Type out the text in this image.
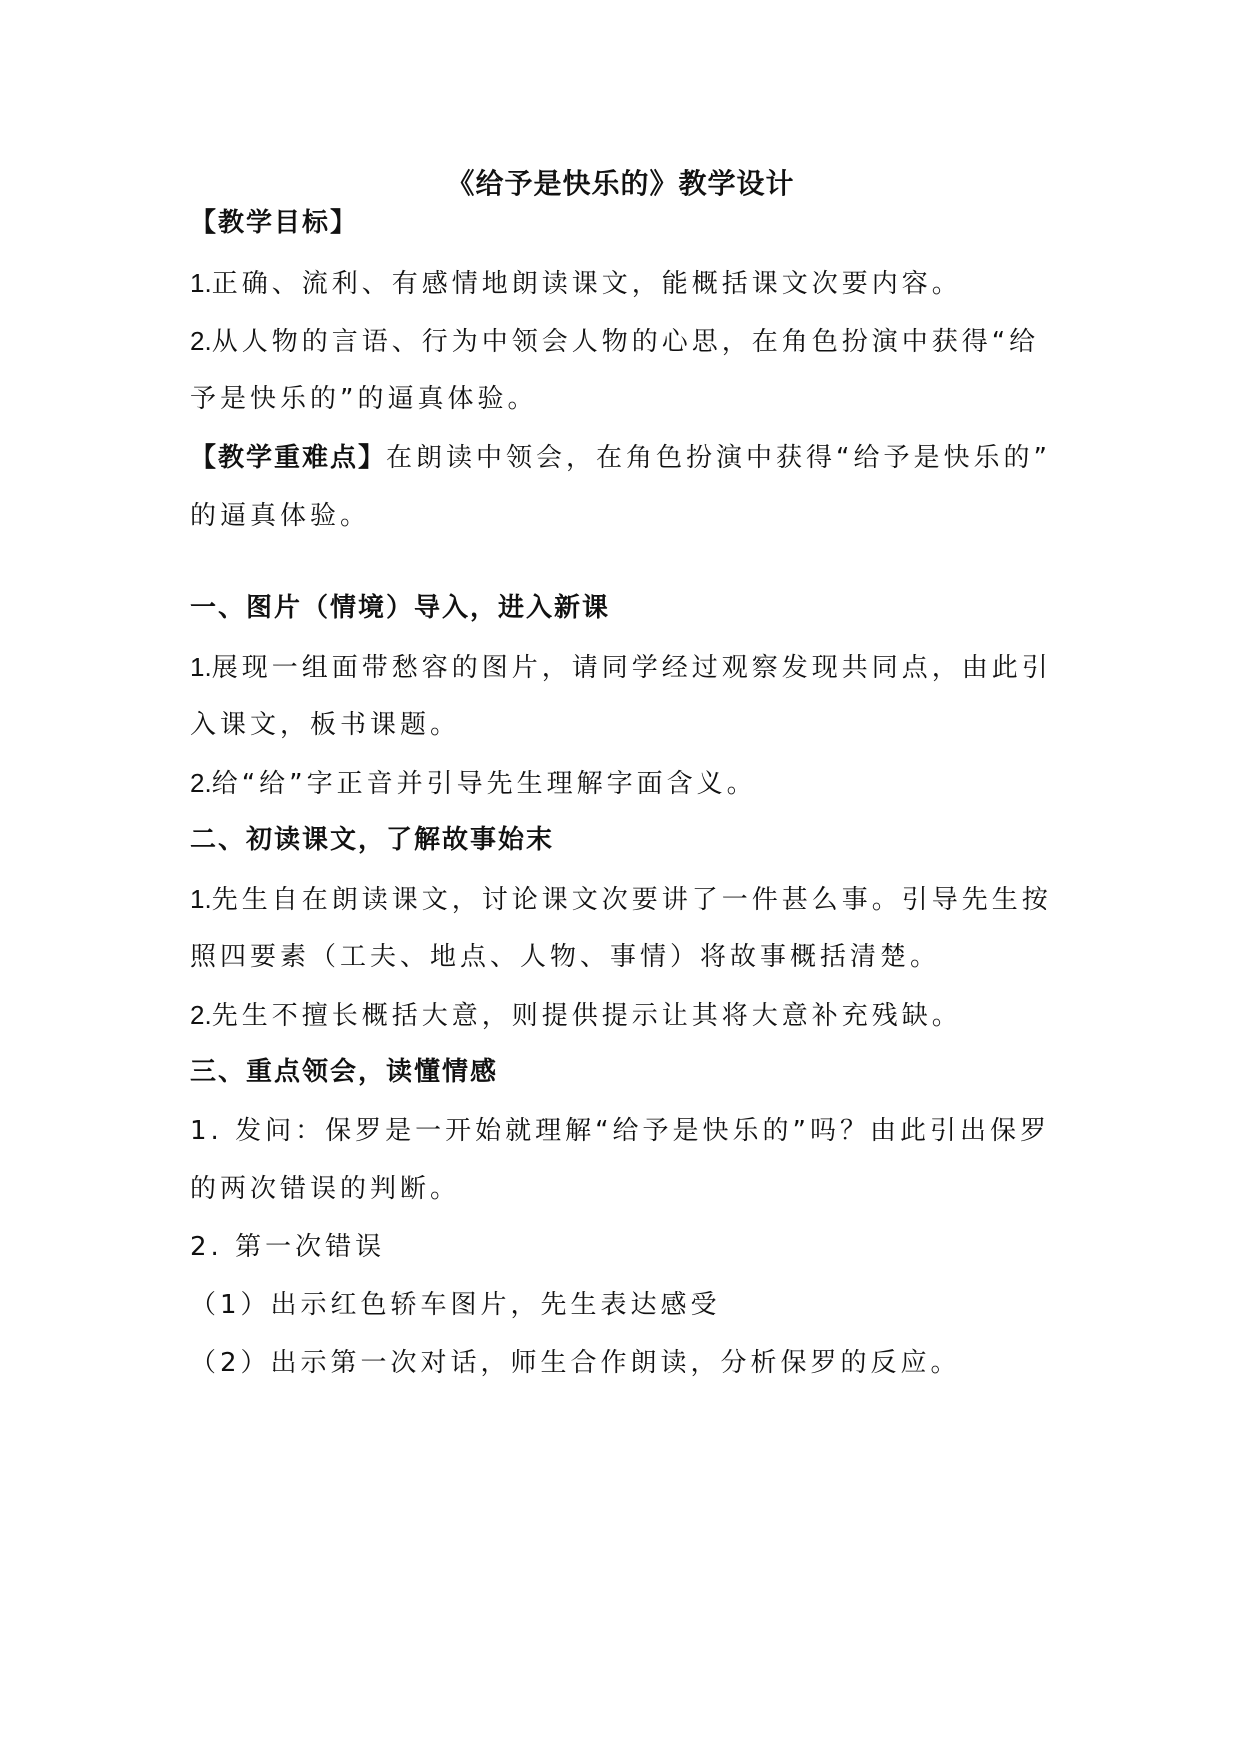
《给予是快乐的》教学设计
【教学目标】
1.正确、流利、有感情地朗读课文，能概括课文次要内容。
2.从人物的言语、行为中领会人物的心思，在角色扮演中获得“给
予是快乐的”的逼真体验。
【教学重难点】在朗读中领会，在角色扮演中获得“给予是快乐的”
的逼真体验。
一、图片（情境）导入，进入新课
1.展现一组面带愁容的图片，请同学经过观察发现共同点，由此引
入课文，板书课题。
2.给“给”字正音并引导先生理解字面含义。
二、初读课文，了解故事始末
1.先生自在朗读课文，讨论课文次要讲了一件甚么事。引导先生按
照四要素（工夫、地点、人物、事情）将故事概括清楚。
2.先生不擅长概括大意，则提供提示让其将大意补充残缺。
三、重点领会，读懂情感
1. 发问：保罗是一开始就理解“给予是快乐的”吗？由此引出保罗
的两次错误的判断。
2. 第一次错误
（1）出示红色轿车图片，先生表达感受
（2）出示第一次对话，师生合作朗读，分析保罗的反应。
